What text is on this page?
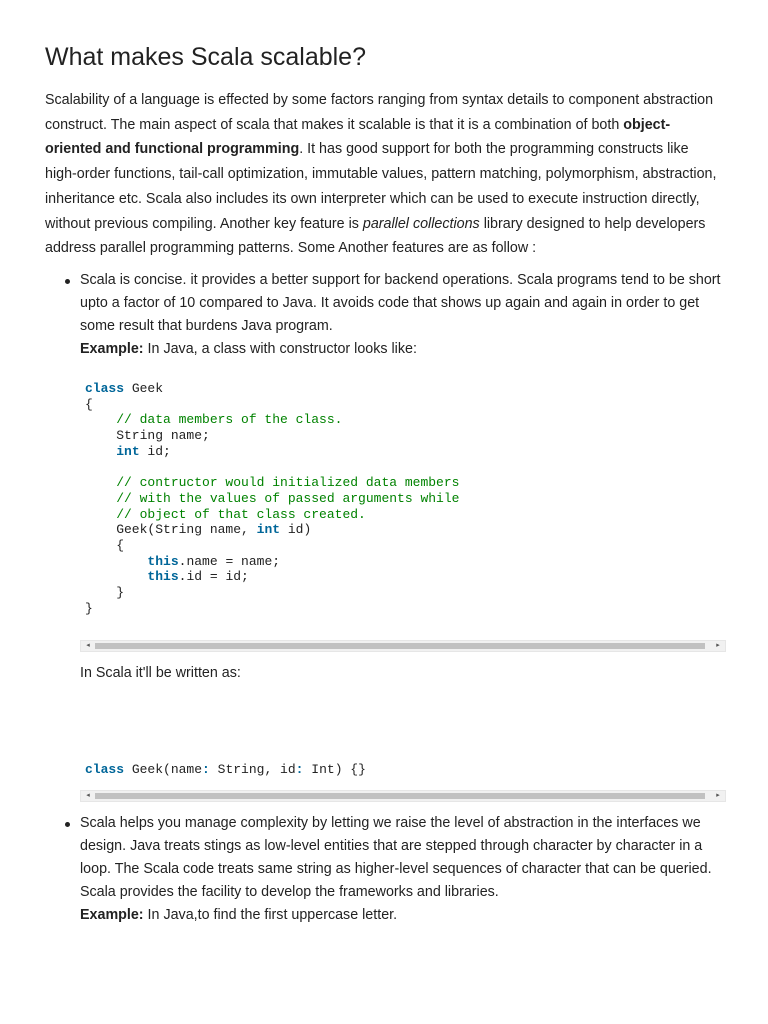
What makes Scala scalable?

Scalability of a language is effected by some factors ranging from syntax details to component abstraction construct. The main aspect of scala that makes it scalable is that it is a combination of both object-oriented and functional programming. It has good support for both the programming constructs like high-order functions, tail-call optimization, immutable values, pattern matching, polymorphism, abstraction, inheritance etc. Scala also includes its own interpreter which can be used to execute instruction directly, without previous compiling. Another key feature is parallel collections library designed to help developers address parallel programming patterns. Some Another features are as follow :

Scala is concise. it provides a better support for backend operations. Scala programs tend to be short upto a factor of 10 compared to Java. It avoids code that shows up again and again in order to get some result that burdens Java program.
Example: In Java, a class with constructor looks like:
class Geek
{
// data members of the class.
String name;
int id;

// contructor would initialized data members
// with the values of passed arguments while
// object of that class created.
Geek(String name, int id)
{
this.name = name;
this.id = id;
}
}
◂	▸
In Scala it'll be written as:
class Geek(name: String, id: Int) {}
◂	▸
Scala helps you manage complexity by letting we raise the level of abstraction in the interfaces we design. Java treats stings as low-level entities that are stepped through character by character in a loop. The Scala code treats same string as higher-level sequences of character that can be queried. Scala provides the facility to develop the frameworks and libraries.
Example: In Java,to find the first uppercase letter.
